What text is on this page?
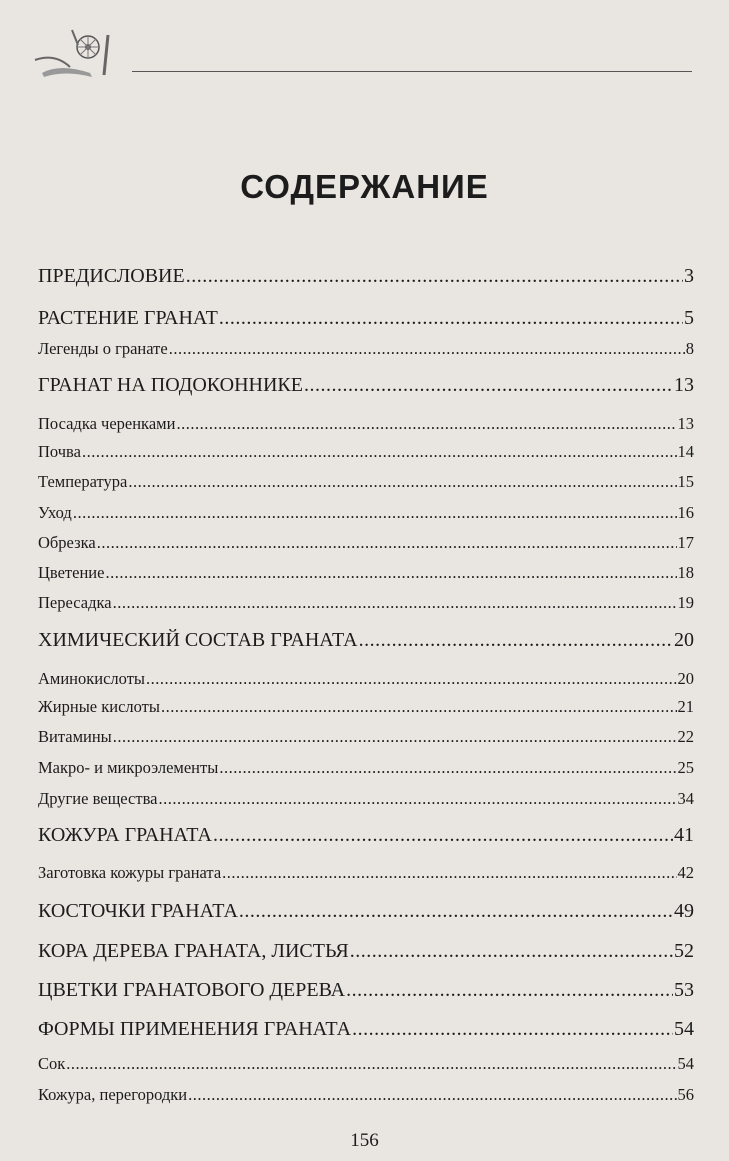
СОДЕРЖАНИЕ
ПРЕДИСЛОВИЕ .....	3
РАСТЕНИЕ ГРАНАТ .....	5
Легенды о гранате .....	8
ГРАНАТ НА ПОДОКОННИКЕ .....	13
Посадка черенками .....	13
Почва .....	14
Температура .....	15
Уход .....	16
Обрезка .....	17
Цветение .....	18
Пересадка .....	19
ХИМИЧЕСКИЙ СОСТАВ ГРАНАТА .....	20
Аминокислоты .....	20
Жирные кислоты .....	21
Витамины .....	22
Макро- и микроэлементы .....	25
Другие вещества .....	34
КОЖУРА ГРАНАТА .....	41
Заготовка кожуры граната .....	42
КОСТОЧКИ ГРАНАТА .....	49
КОРА ДЕРЕВА ГРАНАТА, ЛИСТЬЯ .....	52
ЦВЕТКИ ГРАНАТОВОГО ДЕРЕВА .....	53
ФОРМЫ ПРИМЕНЕНИЯ ГРАНАТА .....	54
Сок .....	54
Кожура, перегородки .....	56
156
